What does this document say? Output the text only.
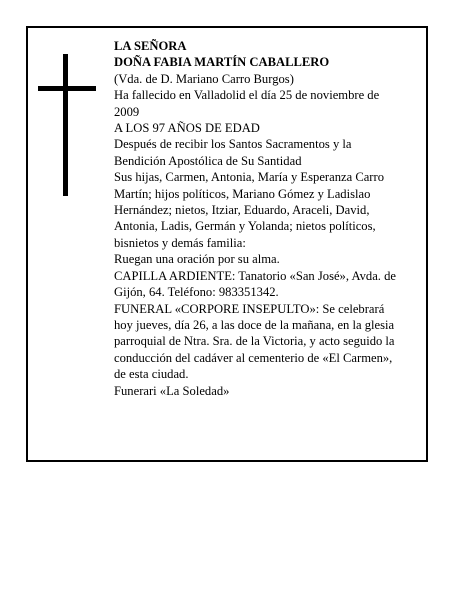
LA SEÑORA
DOÑA FABIA MARTÍN CABALLERO
(Vda. de D. Mariano Carro Burgos)
Ha fallecido en Valladolid el día 25 de noviembre de
2009
A LOS 97 AÑOS DE EDAD
Después de recibir los Santos Sacramentos y la
Bendición Apostólica de Su Santidad
Sus hijas, Carmen, Antonia, María y Esperanza Carro
Martín; hijos políticos, Mariano Gómez y Ladislao
Hernández; nietos, Itziar, Eduardo, Araceli, David,
Antonia, Ladis, Germán y Yolanda; nietos políticos,
bisnietos y demás familia:
Ruegan una oración por su alma.
CAPILLA ARDIENTE: Tanatorio «San José», Avda. de
Gijón, 64. Teléfono: 983351342.
FUNERAL «CORPORE INSEPULTO»: Se celebrará
hoy jueves, día 26, a las doce de la mañana, en la glesia
parroquial de Ntra. Sra. de la Victoria, y acto seguido la
conducción del cadáver al cementerio de «El Carmen»,
de esta ciudad.
Funerari «La Soledad»
